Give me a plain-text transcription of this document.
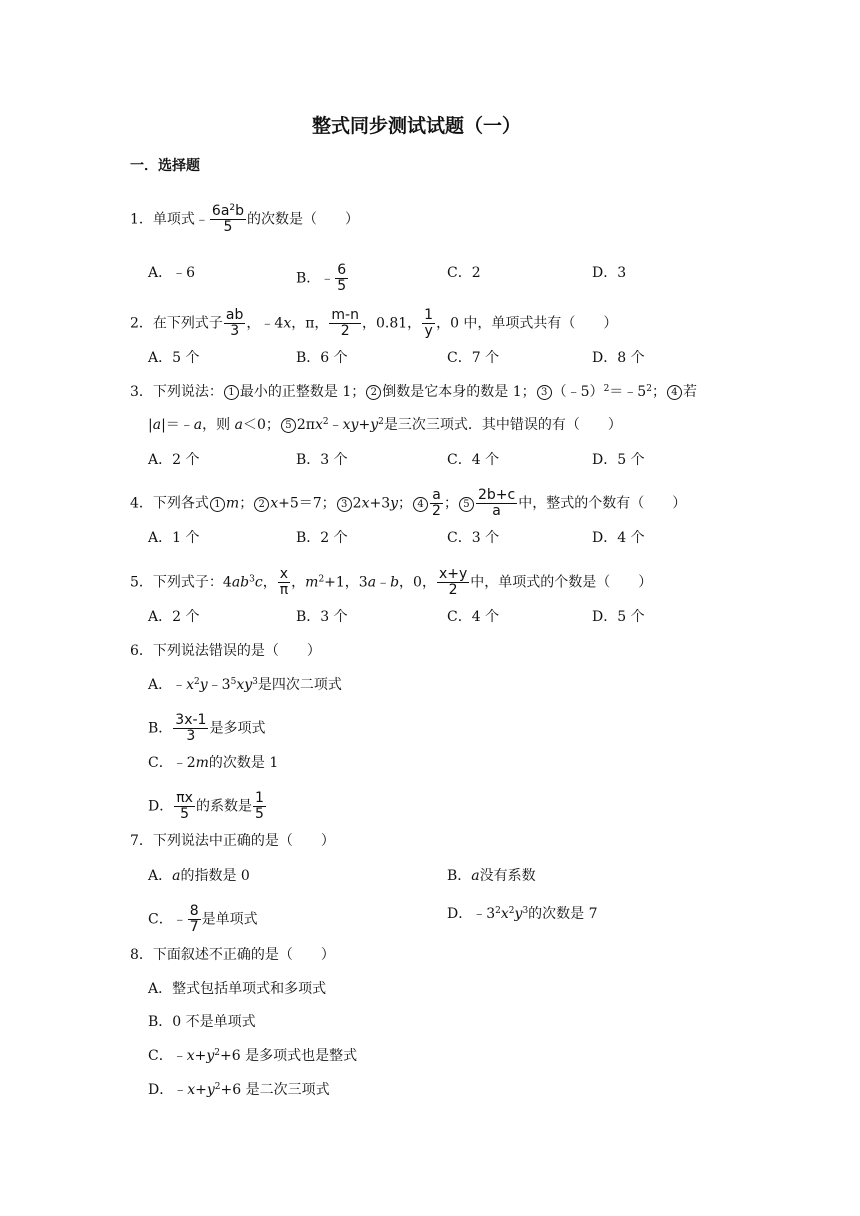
整式同步测试试题（一）
一．选择题
1．单项式﹣ $\frac{6a^2b}{5}$ 的次数是（　　）
A．﹣6	B．﹣ $\frac{6}{5}$	C．2	D．3
2．在下列式子 $\frac{ab}{3}$ ，﹣4x，π， $\frac{m-n}{2}$ ，0.81， $\frac{1}{y}$ ，0 中，单项式共有（　　）
A．5 个	B．6 个	C．7 个	D．8 个
3．下列说法： 1 最小的正整数是 1； 2 倒数是它本身的数是 1； 3 $(﹣5)^2=﹣5^2$； 4 若
|a|＝﹣a，则 a＜0； 5 $2\pi x^2﹣xy+y^2$是三次三项式．其中错误的有（　　）
A．2 个	B．3 个	C．4 个	D．5 个
4．下列各式 1 m； 2 x+5＝7； 3 2x+3y； $4 \frac{a}{2}$ ； $5 \frac{2b+c}{a}$ 中，整式的个数有（　　）
A．1 个	B．2 个	C．3 个	D．4 个
5．下列式子：$4ab^3c$， $\frac{x}{\pi}$ ，$m^2+1$，3a﹣b，0， $\frac{x+y}{2}$ 中，单项式的个数是（　　）
A．2 个	B．3 个	C．4 个	D．5 个
6．下列说法错误的是（　　）
A．$﹣x^2y﹣3^5xy^3$是四次二项式
B． $\frac{3x-1}{3}$ 是多项式
C．﹣2m的次数是 1
D． $\frac{\pi x}{5}$ 的系数是 $\frac{1}{5}$
7．下列说法中正确的是（　　）
A．a的指数是 0	B．a没有系数
C．﹣ $\frac{8}{7}$ 是单项式	D．$﹣3^2x^2y^3$的次数是 7
8．下面叙述不正确的是（　　）
A．整式包括单项式和多项式
B．0 不是单项式
C．$﹣x+y^2+6$ 是多项式也是整式
D．$﹣x+y^2+6$ 是二次三项式
